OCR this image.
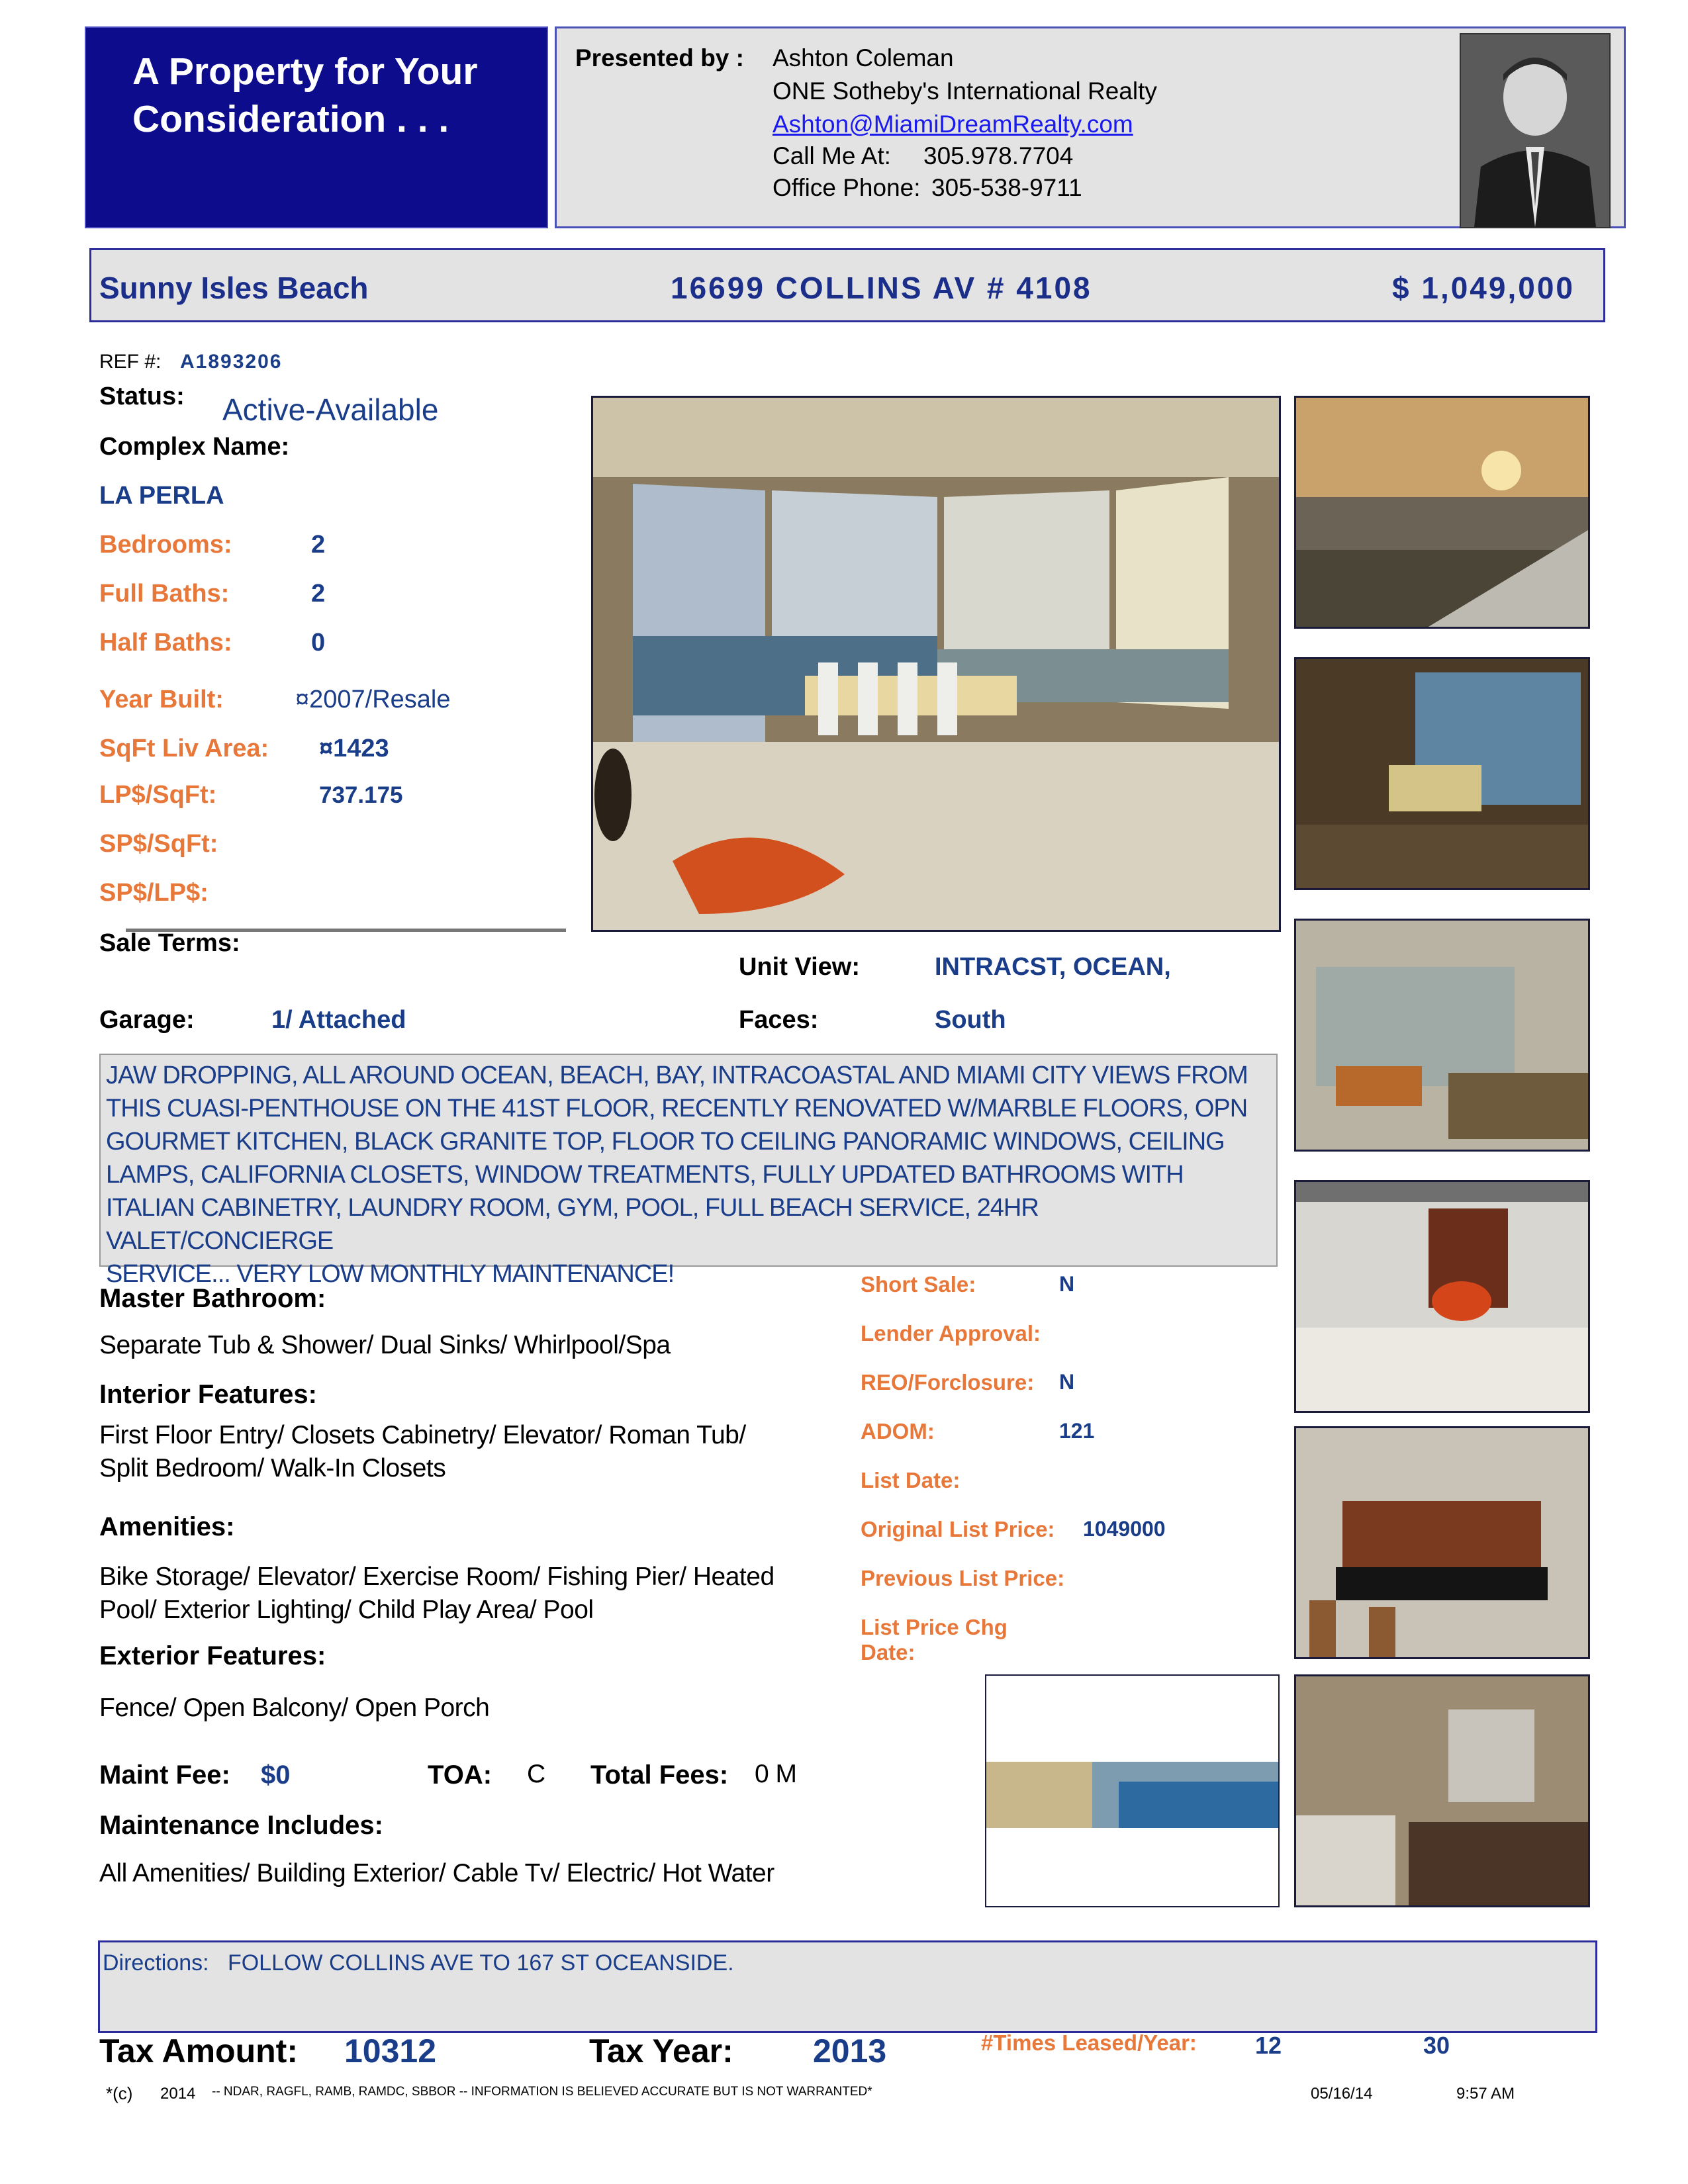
A Property for Your Consideration . . .
Presented by : Ashton Coleman
ONE Sotheby's International Realty
Ashton@MiamiDreamRealty.com
Call Me At: 305.978.7704
Office Phone: 305-538-9711
Sunny Isles Beach	16699 COLLINS AV # 4108	$ 1,049,000
REF #: A1893206
Status: Active-Available
Complex Name:
LA PERLA
Bedrooms:	2
Full Baths:	2
Half Baths:	0
Year Built:	¤2007/Resale
SqFt Liv Area: ¤1423
LP$/SqFt:	737.175
SP$/SqFt:
SP$/LP$:
Sale Terms:
Unit View:	INTRACST, OCEAN,
Garage:	1/ Attached	Faces:	South
JAW DROPPING, ALL AROUND OCEAN, BEACH, BAY, INTRACOASTAL AND MIAMI CITY VIEWS FROM
THIS CUASI-PENTHOUSE ON THE 41ST FLOOR, RECENTLY RENOVATED W/MARBLE FLOORS, OPN
GOURMET KITCHEN, BLACK GRANITE TOP, FLOOR TO CEILING PANORAMIC WINDOWS, CEILING
LAMPS, CALIFORNIA CLOSETS, WINDOW TREATMENTS, FULLY UPDATED BATHROOMS WITH
ITALIAN CABINETRY, LAUNDRY ROOM, GYM, POOL, FULL BEACH SERVICE, 24HR VALET/CONCIERGE
SERVICE... VERY LOW MONTHLY MAINTENANCE!
Master Bathroom:
Separate Tub & Shower/ Dual Sinks/ Whirlpool/Spa
Interior Features:
First Floor Entry/ Closets Cabinetry/ Elevator/ Roman Tub/
Split Bedroom/ Walk-In Closets
Amenities:
Bike Storage/ Elevator/ Exercise Room/ Fishing Pier/ Heated
Pool/ Exterior Lighting/ Child Play Area/ Pool
Exterior Features:
Fence/ Open Balcony/ Open Porch
Maint Fee: $0	TOA: C Total Fees: 0 M
Maintenance Includes:
All Amenities/ Building Exterior/ Cable Tv/ Electric/ Hot Water
Short Sale:	N
Lender Approval:
REO/Forclosure: N
ADOM:	121
List Date:
Original List Price: 1049000
Previous List Price:
List Price Chg
Date:
Directions: FOLLOW COLLINS AVE TO 167 ST OCEANSIDE.
Tax Amount: 10312	Tax Year: 2013	#Times Leased/Year: 12	30
*(c) 2014 -- NDAR, RAGFL, RAMB, RAMDC, SBBOR -- INFORMATION IS BELIEVED ACCURATE BUT IS NOT WARRANTED*	05/16/14	9:57 AM
